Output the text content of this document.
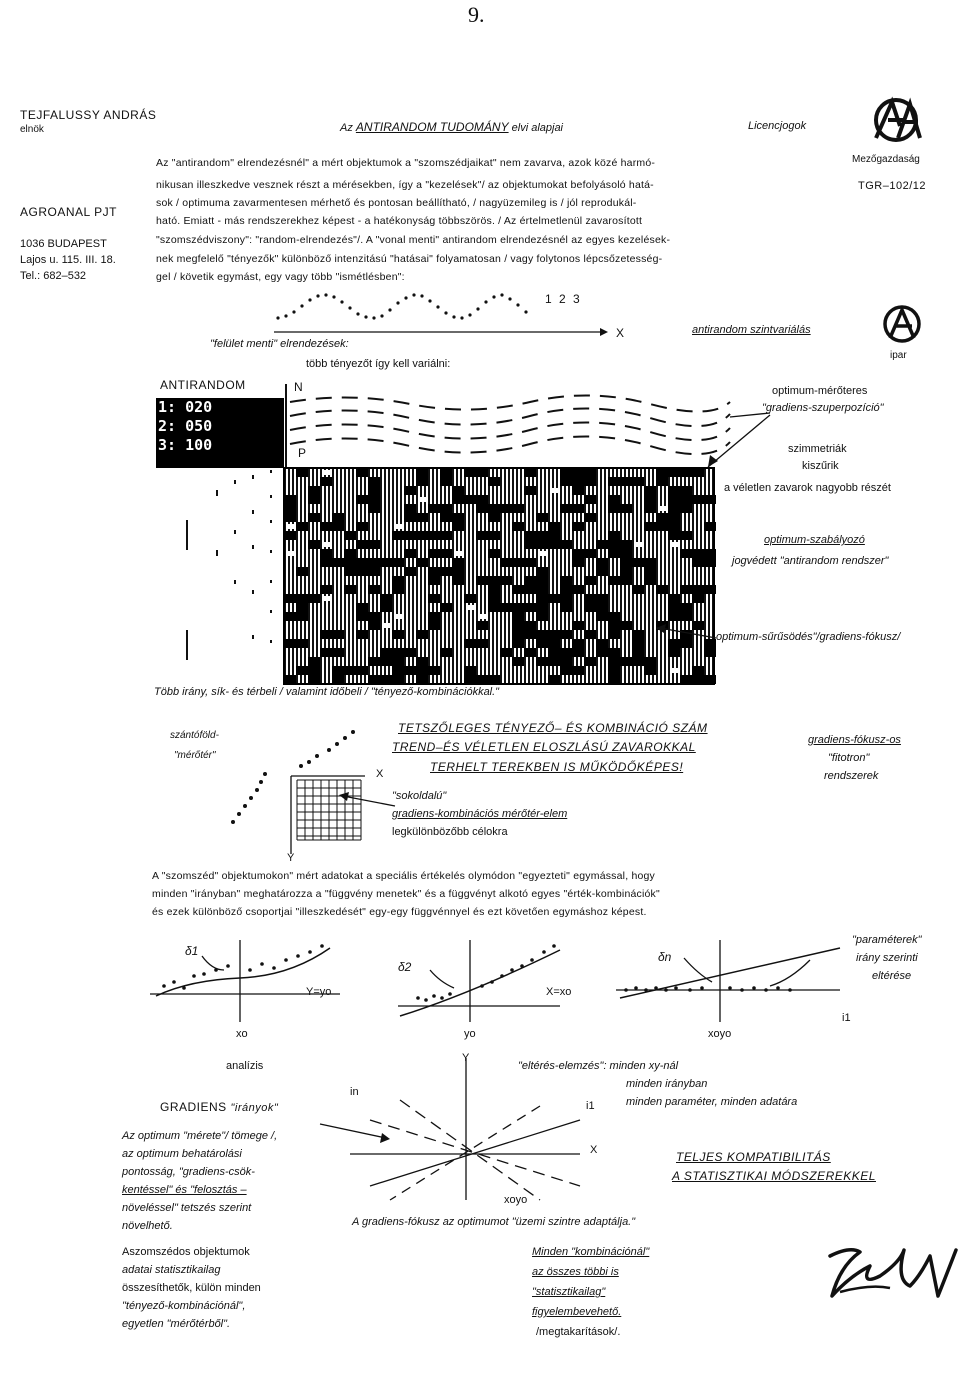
9.
TEJFALUSSY ANDRÁS
elnök
AGROANAL PJT
1036 BUDAPEST
Lajos u. 115. III. 18.
Tel.: 682–532
Az ANTIRANDOM TUDOMÁNY elvi alapjai	Licencjogok
Mezőgazdaság
TGR–102/12
ipar
Az "antirandom" elrendezésnél" a mért objektumok a "szomszédjaikat" nem zavarva, azok közé harmó-
nikusan illeszkedve vesznek részt a mérésekben, így a "kezelések"/ az objektumokat befolyásoló hatá-
sok / optimuma zavarmentesen mérhető és pontosan beállítható, / nagyüzemileg is / jól reprodukál-
ható. Emiatt - más rendszerekhez képest - a hatékonyság többszörös. / Az értelmetlenül zavarosított
"szomszédviszony": "random-elrendezés"/. A "vonal menti" antirandom elrendezésnél az egyes kezelések-
nek megfelelő "tényezők" különböző intenzitású "hatásai" folyamatosan / vagy folytonos lépcsőzetesség-
gel / követik egymást, egy vagy több "ismétlésben":
1 2 3
X	antirandom szintvariálás
"felület menti" elrendezések:
több tényezőt így kell variálni:
ANTIRANDOM	N
P
1: 020
2: 050
3: 100
optimum-mérőteres
"gradiens-szuperpozíció"
szimmetriák
kiszűrik
a véletlen zavarok nagyobb részét
optimum-szabályozó
jogvédett "antirandom rendszer"
optimum-sűrűsödés"/gradiens-fókusz/
Több irány, sík- és térbeli / valamint időbeli / "tényező-kombinációkkal."
szántóföld-
"mérőtér"
X
Y
TETSZŐLEGES TÉNYEZŐ– ÉS KOMBINÁCIÓ SZÁM
TREND–ÉS VÉLETLEN ELOSZLÁSÚ ZAVAROKKAL
TERHELT TEREKBEN IS MŰKÖDŐKÉPES!
"sokoldalú"
gradiens-kombinációs mérőtér-elem
legkülönbözőbb célokra
gradiens-fókusz-os
"fitotron"
rendszerek
A "szomszéd" objektumokon" mért adatokat a speciális értékelés olymódon "egyezteti" egymással, hogy
minden "irányban" meghatározza a "függvény menetek" és a függvényt alkotó egyes "érték-kombinációk"
és ezek különböző csoportjai "illeszkedését" egy-egy függvénnyel és ezt követően egymáshoz képest.
δ1
Y=yo
xo
δ2
X=xo
yo
δn
xoyo
"paraméterek"
irány szerinti
eltérése
i1
analízis
Y
X
in
i1
xoyo
GRADIENS "irányok"
"eltérés-elemzés": minden xy-nál
minden irányban
minden paraméter, minden adatára
TELJES KOMPATIBILITÁS
A STATISZTIKAI MÓDSZEREKKEL
A gradiens-fókusz az optimumot "üzemi szintre adaptálja."
Az optimum "mérete"/ tömege /,
az optimum behatárolási
pontosság, "gradiens-csök-
kentéssel" és "felosztás –
növeléssel" tetszés szerint
növelhető.
Aszomszédos objektumok
adatai statisztikailag
összesíthetők, külön minden
"tényező-kombinációnál",
egyetlen "mérőtérből".
Minden "kombinációnál"
az összes többi is
"statisztikailag"
figyelembevehető.
/megtakarítások/.
